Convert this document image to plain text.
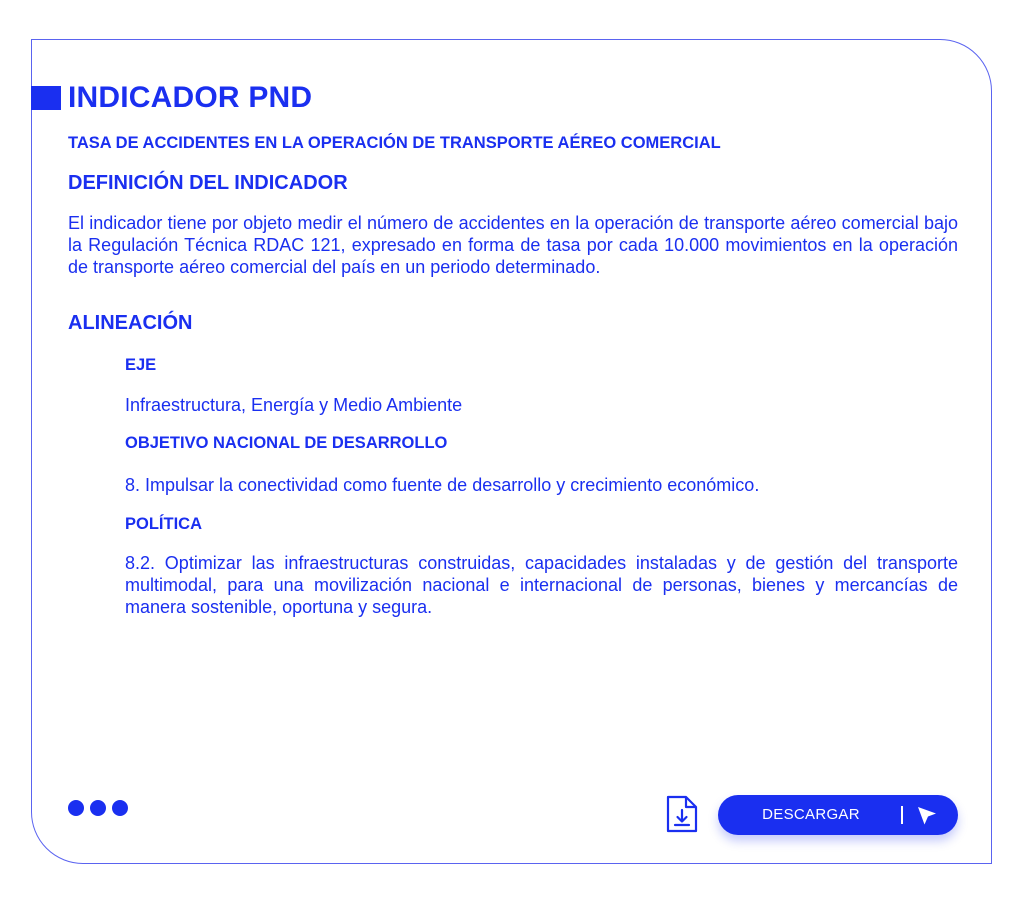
INDICADOR PND
TASA DE ACCIDENTES EN LA OPERACIÓN DE TRANSPORTE AÉREO COMERCIAL
DEFINICIÓN DEL INDICADOR
El indicador tiene por objeto medir el número de accidentes en la operación de transporte aéreo comercial bajo la Regulación Técnica RDAC 121, expresado en forma de tasa por cada 10.000 movimientos en la operación de transporte aéreo comercial del país en un periodo determinado.
ALINEACIÓN
EJE
Infraestructura, Energía y Medio Ambiente
OBJETIVO NACIONAL DE DESARROLLO
8. Impulsar la conectividad como fuente de desarrollo y crecimiento económico.
POLÍTICA
8.2. Optimizar las infraestructuras construidas, capacidades instaladas y de gestión del transporte multimodal, para una movilización nacional e internacional de personas, bienes y mercancías de manera sostenible, oportuna y segura.
DESCARGAR
